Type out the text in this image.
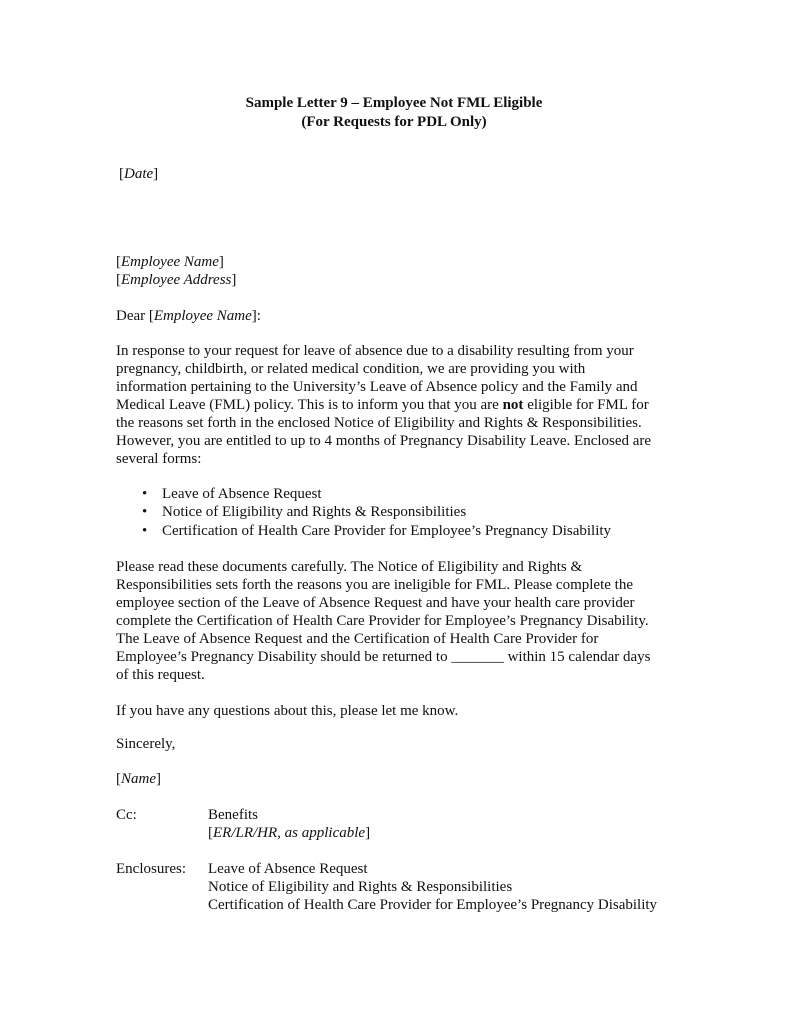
Sample Letter 9 – Employee Not FML Eligible
(For Requests for PDL Only)
[Date]
[Employee Name]
[Employee Address]
Dear [Employee Name]:
In response to your request for leave of absence due to a disability resulting from your
pregnancy, childbirth, or related medical condition, we are providing you with
information pertaining to the University’s Leave of Absence policy and the Family and
Medical Leave (FML) policy. This is to inform you that you are not eligible for FML for
the reasons set forth in the enclosed Notice of Eligibility and Rights & Responsibilities.
However, you are entitled to up to 4 months of Pregnancy Disability Leave. Enclosed are
several forms:
• Leave of Absence Request
• Notice of Eligibility and Rights & Responsibilities
• Certification of Health Care Provider for Employee’s Pregnancy Disability
Please read these documents carefully. The Notice of Eligibility and Rights &
Responsibilities sets forth the reasons you are ineligible for FML. Please complete the
employee section of the Leave of Absence Request and have your health care provider
complete the Certification of Health Care Provider for Employee’s Pregnancy Disability.
The Leave of Absence Request and the Certification of Health Care Provider for
Employee’s Pregnancy Disability should be returned to _______ within 15 calendar days
of this request.
If you have any questions about this, please let me know.
Sincerely,
[Name]
Cc:	Benefits
[ER/LR/HR, as applicable]
Enclosures: Leave of Absence Request
Notice of Eligibility and Rights & Responsibilities
Certification of Health Care Provider for Employee’s Pregnancy Disability
